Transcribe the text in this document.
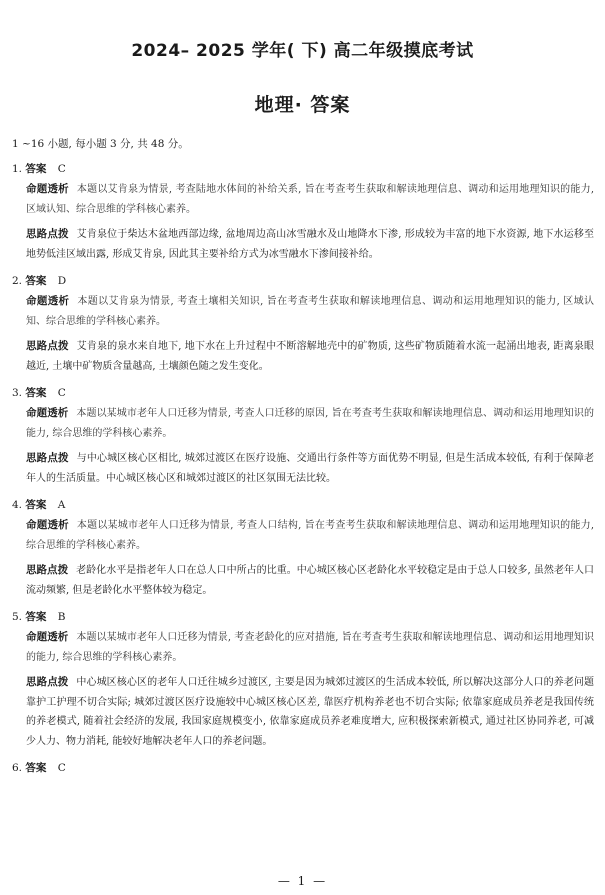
2024– 2025 学年( 下) 高二年级摸底考试
地理· 答案
1 ~16 小题, 每小题 3 分, 共 48 分。
1. 答案 C
命题透析 本题以艾肯泉为情景, 考查陆地水体间的补给关系, 旨在考查考生获取和解读地理信息、调动和运用地理知识的能力, 区域认知、综合思维的学科核心素养。
思路点拨 艾肯泉位于柴达木盆地西部边缘, 盆地周边高山冰雪融水及山地降水下渗, 形成较为丰富的地下水资源, 地下水运移至地势低洼区域出露, 形成艾肯泉, 因此其主要补给方式为冰雪融水下渗间接补给。
2. 答案 D
命题透析 本题以艾肯泉为情景, 考查土壤相关知识, 旨在考查考生获取和解读地理信息、调动和运用地理知识的能力, 区域认知、综合思维的学科核心素养。
思路点拨 艾肯泉的泉水来自地下, 地下水在上升过程中不断溶解地壳中的矿物质, 这些矿物质随着水流一起涌出地表, 距离泉眼越近, 土壤中矿物质含量越高, 土壤颜色随之发生变化。
3. 答案 C
命题透析 本题以某城市老年人口迁移为情景, 考查人口迁移的原因, 旨在考查考生获取和解读地理信息、调动和运用地理知识的能力, 综合思维的学科核心素养。
思路点拨 与中心城区核心区相比, 城郊过渡区在医疗设施、交通出行条件等方面优势不明显, 但是生活成本较低, 有利于保障老年人的生活质量。中心城区核心区和城郊过渡区的社区氛围无法比较。
4. 答案 A
命题透析 本题以某城市老年人口迁移为情景, 考查人口结构, 旨在考查考生获取和解读地理信息、调动和运用地理知识的能力, 综合思维的学科核心素养。
思路点拨 老龄化水平是指老年人口在总人口中所占的比重。中心城区核心区老龄化水平较稳定是由于总人口较多, 虽然老年人口流动频繁, 但是老龄化水平整体较为稳定。
5. 答案 B
命题透析 本题以某城市老年人口迁移为情景, 考查老龄化的应对措施, 旨在考查考生获取和解读地理信息、调动和运用地理知识的能力, 综合思维的学科核心素养。
思路点拨 中心城区核心区的老年人口迁往城乡过渡区, 主要是因为城郊过渡区的生活成本较低, 所以解决这部分人口的养老问题靠护工护理不切合实际; 城郊过渡区医疗设施较中心城区核心区差, 靠医疗机构养老也不切合实际; 依靠家庭成员养老是我国传统的养老模式, 随着社会经济的发展, 我国家庭规模变小, 依靠家庭成员养老难度增大, 应积极探索新模式, 通过社区协同养老, 可减少人力、物力消耗, 能较好地解决老年人口的养老问题。
6. 答案 C
— 1 —
